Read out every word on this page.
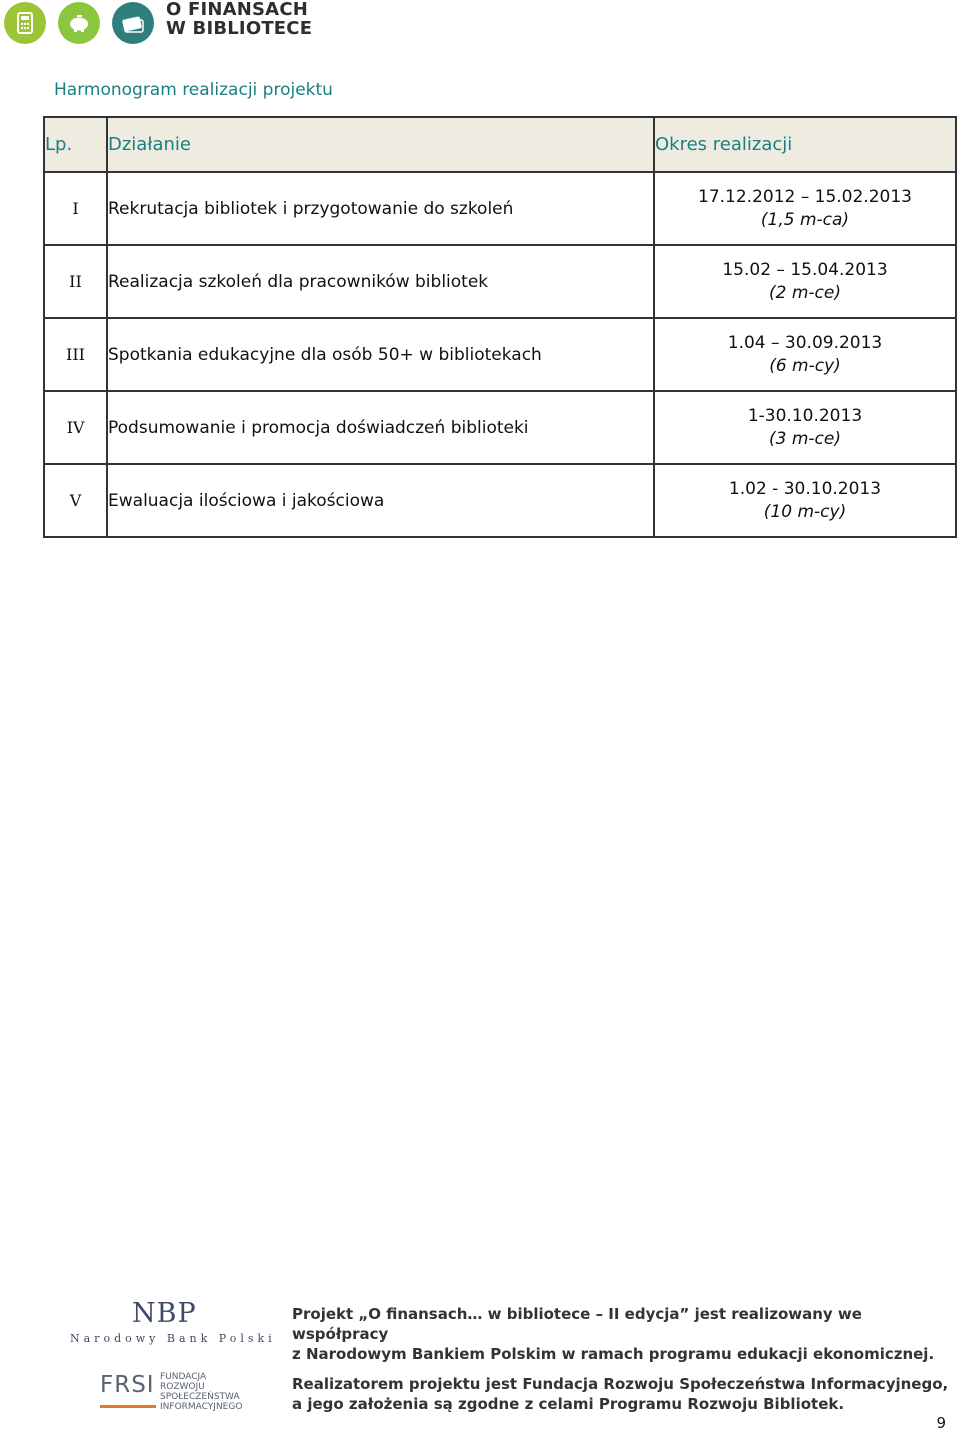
O FINANSACH
W BIBLIOTECE
Harmonogram realizacji projektu
Lp.	Działanie	Okres realizacji
I	Rekrutacja bibliotek i przygotowanie do szkoleń	17.12.2012 – 15.02.2013
(1,5 m-ca)

II	Realizacja szkoleń dla pracowników bibliotek	15.02 – 15.04.2013
(2 m-ce)

III	Spotkania edukacyjne dla osób 50+ w bibliotekach	1.04 – 30.09.2013
(6 m-cy)

IV	Podsumowanie i promocja doświadczeń biblioteki	1-30.10.2013
(3 m-ce)

V	Ewaluacja ilościowa i jakościowa	1.02 - 30.10.2013
(10 m-cy)
NBP
Narodowy Bank Polski
Projekt „O finansach… w bibliotece – II edycja” jest realizowany we współpracy
z Narodowym Bankiem Polskim w ramach programu edukacji ekonomicznej.
FRSI FUNDACJA ROZWOJU SPOŁECZEŃSTWA INFORMACYJNEGO
Realizatorem projektu jest Fundacja Rozwoju Społeczeństwa Informacyjnego,
a jego założenia są zgodne z celami Programu Rozwoju Bibliotek.
9
